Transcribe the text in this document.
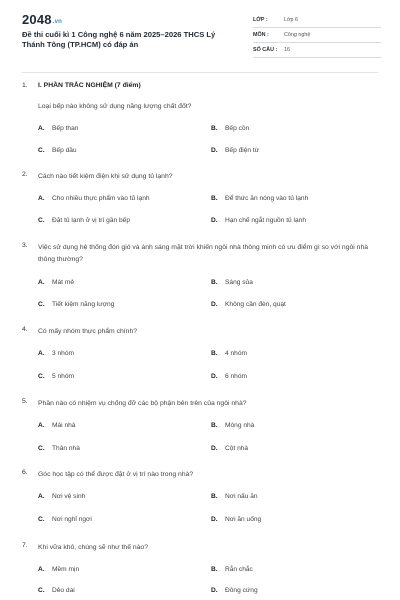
2048.vn
Đề thi cuối kì 1 Công nghệ 6 năm 2025–2026 THCS Lý Thánh Tông (TP.HCM) có đáp án
LỚP :	Lớp 6
MÔN :	Công nghệ
SỐ CÂU : 16
1. I. PHẦN TRẮC NGHIỆM (7 điểm)
Loại bếp nào không sử dụng năng lượng chất đốt?
A. Bếp than	B. Bếp cồn
C. Bếp dầu	D. Bếp điện từ
2. Cách nào tiết kiệm điện khi sử dụng tủ lạnh?
A. Cho nhiều thực phẩm vào tủ lạnh	B. Để thức ăn nóng vào tủ lạnh
C. Đặt tủ lạnh ở vị trí gần bếp	D. Hạn chế ngắt nguồn tủ lạnh
3. Việc sử dụng hệ thống đón gió và ánh sáng mặt trời khiến ngôi nhà thông minh có ưu điểm gì so với ngôi nhà thông thường?
A. Mát mẻ	B. Sáng sủa
C. Tiết kiệm năng lượng	D. Không cần đèn, quạt
4. Có mấy nhóm thực phẩm chính?
A. 3 nhóm	B. 4 nhóm
C. 5 nhóm	D. 6 nhóm
5. Phần nào có nhiệm vụ chống đỡ các bộ phận bên trên của ngôi nhà?
A. Mái nhà	B. Móng nhà
C. Thân nhà	D. Cột nhà
6. Góc học tập có thể được đặt ở vị trí nào trong nhà?
A. Nơi vệ sinh	B. Nơi nấu ăn
C. Nơi nghỉ ngơi	D. Nơi ăn uống
7. Khi vữa khô, chúng sẽ như thế nào?
A. Mềm mịn	B. Rắn chắc
C. Dẻo dai	D. Đông cứng
